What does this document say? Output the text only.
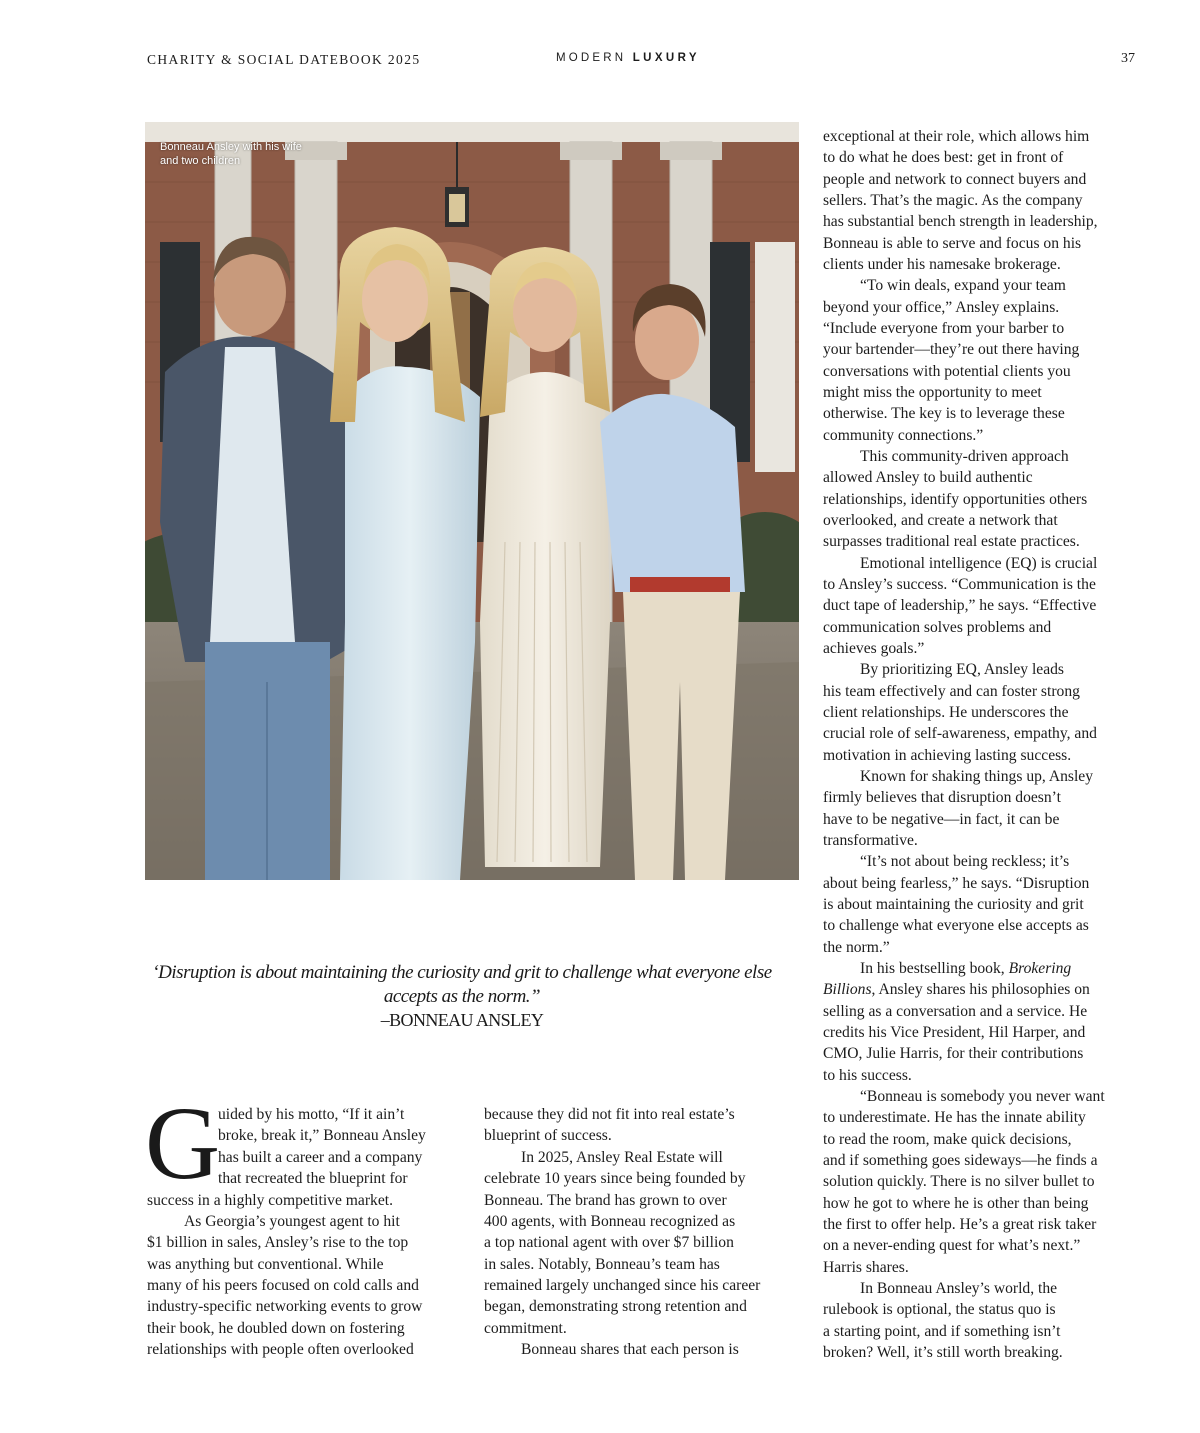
CHARITY & SOCIAL DATEBOOK 2025	MODERN LUXURY	37
Bonneau Ansley with his wife and two children
‘Disruption is about maintaining the curiosity and grit to challenge what everyone else accepts as the norm.”
–BONNEAU ANSLEY
G
uided by his motto, “If it ain’t
broke, break it,” Bonneau Ansley
has built a career and a company
that recreated the blueprint for
success in a highly competitive market.
As Georgia’s youngest agent to hit
$1 billion in sales, Ansley’s rise to the top
was anything but conventional. While
many of his peers focused on cold calls and
industry-specific networking events to grow
their book, he doubled down on fostering
relationships with people often overlooked
because they did not fit into real estate’s
blueprint of success.
In 2025, Ansley Real Estate will
celebrate 10 years since being founded by
Bonneau. The brand has grown to over
400 agents, with Bonneau recognized as
a top national agent with over $7 billion
in sales. Notably, Bonneau’s team has
remained largely unchanged since his career
began, demonstrating strong retention and
commitment.
Bonneau shares that each person is
exceptional at their role, which allows him
to do what he does best: get in front of
people and network to connect buyers and
sellers. That’s the magic. As the company
has substantial bench strength in leadership,
Bonneau is able to serve and focus on his
clients under his namesake brokerage.
“To win deals, expand your team
beyond your office,” Ansley explains.
“Include everyone from your barber to
your bartender—they’re out there having
conversations with potential clients you
might miss the opportunity to meet
otherwise. The key is to leverage these
community connections.”
This community-driven approach
allowed Ansley to build authentic
relationships, identify opportunities others
overlooked, and create a network that
surpasses traditional real estate practices.
Emotional intelligence (EQ) is crucial
to Ansley’s success. “Communication is the
duct tape of leadership,” he says. “Effective
communication solves problems and
achieves goals.”
By prioritizing EQ, Ansley leads
his team effectively and can foster strong
client relationships. He underscores the
crucial role of self-awareness, empathy, and
motivation in achieving lasting success.
Known for shaking things up, Ansley
firmly believes that disruption doesn’t
have to be negative—in fact, it can be
transformative.
“It’s not about being reckless; it’s
about being fearless,” he says. “Disruption
is about maintaining the curiosity and grit
to challenge what everyone else accepts as
the norm.”
In his bestselling book, Brokering
Billions, Ansley shares his philosophies on
selling as a conversation and a service. He
credits his Vice President, Hil Harper, and
CMO, Julie Harris, for their contributions
to his success.
“Bonneau is somebody you never want
to underestimate. He has the innate ability
to read the room, make quick decisions,
and if something goes sideways—he finds a
solution quickly. There is no silver bullet to
how he got to where he is other than being
the first to offer help. He’s a great risk taker
on a never-ending quest for what’s next.”
Harris shares.
In Bonneau Ansley’s world, the
rulebook is optional, the status quo is
a starting point, and if something isn’t
broken? Well, it’s still worth breaking.
